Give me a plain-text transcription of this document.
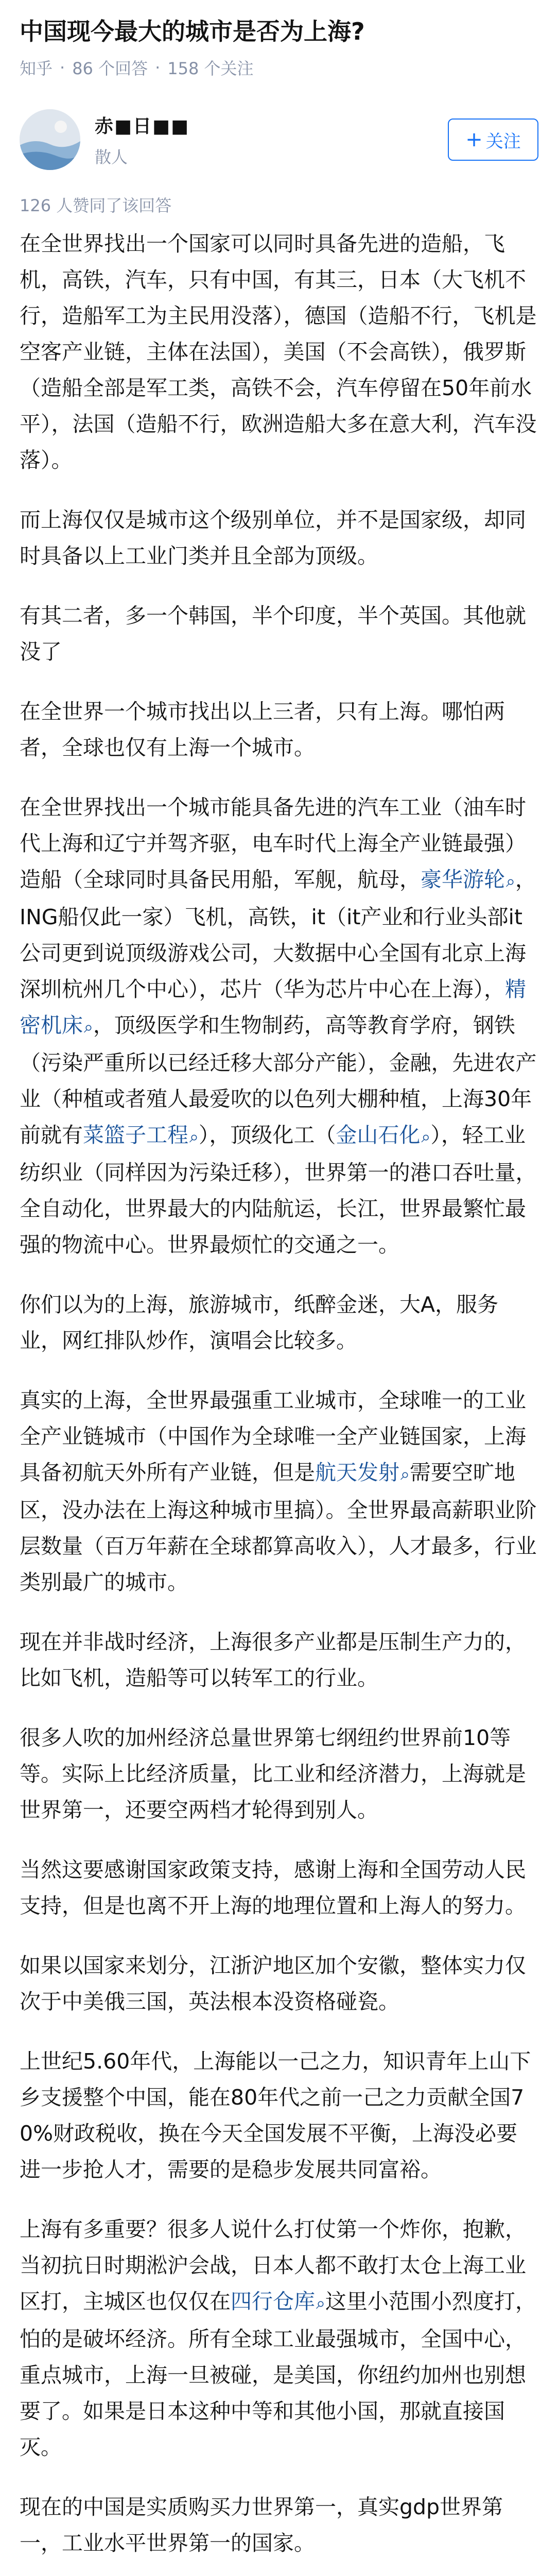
中国现今最大的城市是否为上海?
知乎 · 86 个回答 · 158 个关注
赤■日■■
散人
+ 关注
126 人赞同了该回答

在全世界找出一个国家可以同时具备先进的造船，飞机，高铁，汽车，只有中国，有其三，日本（大飞机不行，造船军工为主民用没落），德国（造船不行，飞机是空客产业链，主体在法国），美国（不会高铁），俄罗斯（造船全部是军工类，高铁不会，汽车停留在50年前水平），法国（造船不行，欧洲造船大多在意大利，汽车没落）。

而上海仅仅是城市这个级别单位，并不是国家级，却同时具备以上工业门类并且全部为顶级。

有其二者，多一个韩国，半个印度，半个英国。其他就没了

在全世界一个城市找出以上三者，只有上海。哪怕两者，全球也仅有上海一个城市。

在全世界找出一个城市能具备先进的汽车工业（油车时代上海和辽宁并驾齐驱，电车时代上海全产业链最强）造船（全球同时具备民用船，军舰，航母，豪华游轮⌕，ING船仅此一家）飞机，高铁，it（it产业和行业头部it公司更到说顶级游戏公司，大数据中心全国有北京上海深圳杭州几个中心），芯片（华为芯片中心在上海），精密机床⌕，顶级医学和生物制药，高等教育学府，钢铁（污染严重所以已经迁移大部分产能），金融，先进农产业（种植或者殖人最爱吹的以色列大棚种植，上海30年前就有菜篮子工程⌕），顶级化工（金山石化⌕），轻工业纺织业（同样因为污染迁移），世界第一的港口吞吐量，全自动化，世界最大的内陆航运，长江，世界最繁忙最强的物流中心。世界最烦忙的交通之一。

你们以为的上海，旅游城市，纸醉金迷，大A，服务业，网红排队炒作，演唱会比较多。

真实的上海，全世界最强重工业城市，全球唯一的工业全产业链城市（中国作为全球唯一全产业链国家，上海具备初航天外所有产业链，但是航天发射⌕需要空旷地区，没办法在上海这种城市里搞）。全世界最高薪职业阶层数量（百万年薪在全球都算高收入），人才最多，行业类别最广的城市。

现在并非战时经济，上海很多产业都是压制生产力的，比如飞机，造船等可以转军工的行业。

很多人吹的加州经济总量世界第七纲纽约世界前10等等。实际上比经济质量，比工业和经济潜力，上海就是世界第一，还要空两档才轮得到别人。

当然这要感谢国家政策支持，感谢上海和全国劳动人民支持，但是也离不开上海的地理位置和上海人的努力。

如果以国家来划分，江浙沪地区加个安徽，整体实力仅次于中美俄三国，英法根本没资格碰瓷。

上世纪5.60年代，上海能以一己之力，知识青年上山下乡支援整个中国，能在80年代之前一己之力贡献全国70%财政税收，换在今天全国发展不平衡，上海没必要进一步抢人才，需要的是稳步发展共同富裕。

上海有多重要？很多人说什么打仗第一个炸你，抱歉，当初抗日时期淞沪会战，日本人都不敢打太仓上海工业区打，主城区也仅仅在四行仓库⌕这里小范围小烈度打，怕的是破坏经济。所有全球工业最强城市，全国中心，重点城市，上海一旦被碰，是美国，你纽约加州也别想要了。如果是日本这种中等和其他小国，那就直接国灭。

现在的中国是实质购买力世界第一，真实gdp世界第一，工业水平世界第一的国家。
